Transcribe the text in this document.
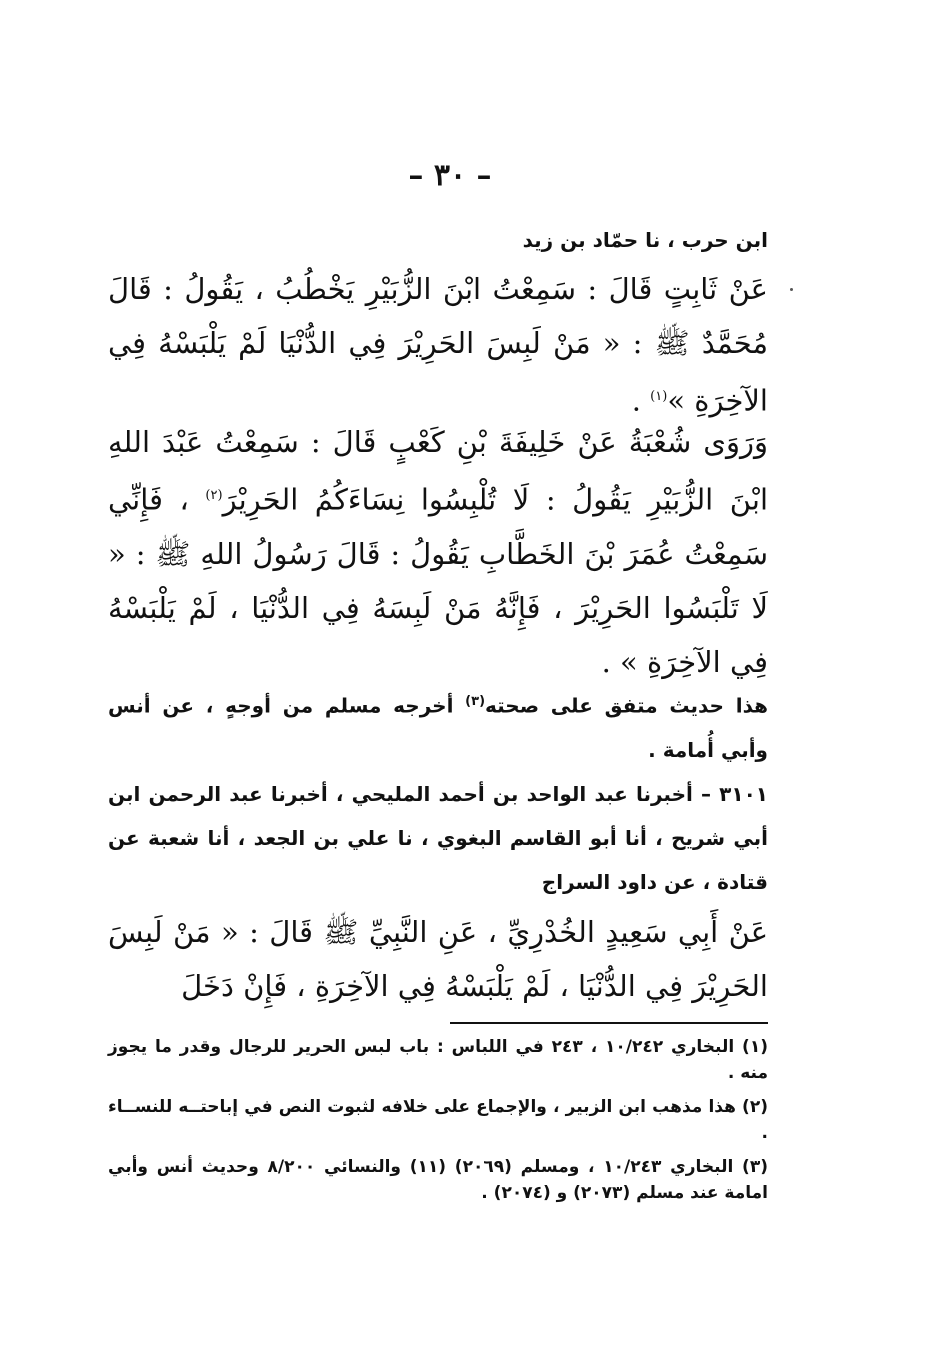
– ٣٠ –
ابن حرب ، نا حمّاد بن زيد
عَنْ ثَابِتٍ قَالَ : سَمِعْتُ ابْنَ الزُّبَيْرِ يَخْطُبُ ، يَقُولُ : قَالَ مُحَمَّدٌ ﷺ : « مَنْ لَبِسَ الحَرِيْرَ فِي الدُّنْيَا لَمْ يَلْبَسْهُ فِي الآخِرَةِ »$^{(١)}$ .
وَرَوَى شُعْبَةُ عَنْ خَلِيفَةَ بْنِ كَعْبٍ قَالَ : سَمِعْتُ عَبْدَ اللهِ ابْنَ الزُّبَيْرِ يَقُولُ : لَا تُلْبِسُوا نِسَاءَكُمُ الحَرِيْرَ$^{(٢)}$ ، فَإِنِّي سَمِعْتُ عُمَرَ بْنَ الخَطَّابِ يَقُولُ : قَالَ رَسُولُ اللهِ ﷺ : « لَا تَلْبَسُوا الحَرِيْرَ ، فَإِنَّهُ مَنْ لَبِسَهُ فِي الدُّنْيَا ، لَمْ يَلْبَسْهُ فِي الآخِرَةِ » .
هذا حديث متفق على صحته$^{(٣)}$ أخرجه مسلم من أوجهٍ ، عن أنس وأبي أُمامة .
٣١٠١ – أخبرنا عبد الواحد بن أحمد المليحي ، أخبرنا عبد الرحمن ابن أبي شريح ، أنا أبو القاسم البغوي ، نا علي بن الجعد ، أنا شعبة عن قتادة ، عن داود السراج
عَنْ أَبِي سَعِيدٍ الخُدْرِيِّ ، عَنِ النَّبِيِّ ﷺ قَالَ : « مَنْ لَبِسَ الحَرِيْرَ فِي الدُّنْيَا ، لَمْ يَلْبَسْهُ فِي الآخِرَةِ ، فَإِنْ دَخَلَ
(١) البخاري ١٠/٢٤٢ ، ٢٤٣ في اللباس : باب لبس الحرير للرجال وقدر ما يجوز منه .
(٢) هذا مذهب ابن الزبير ، والإجماع على خلافه لثبوت النص في إباحتــه للنســاء .
(٣) البخاري ١٠/٢٤٣ ، ومسلم (٢٠٦٩) (١١) والنسائي ٨/٢٠٠ وحديث أنس وأبي امامة عند مسلم (٢٠٧٣) و (٢٠٧٤) .
